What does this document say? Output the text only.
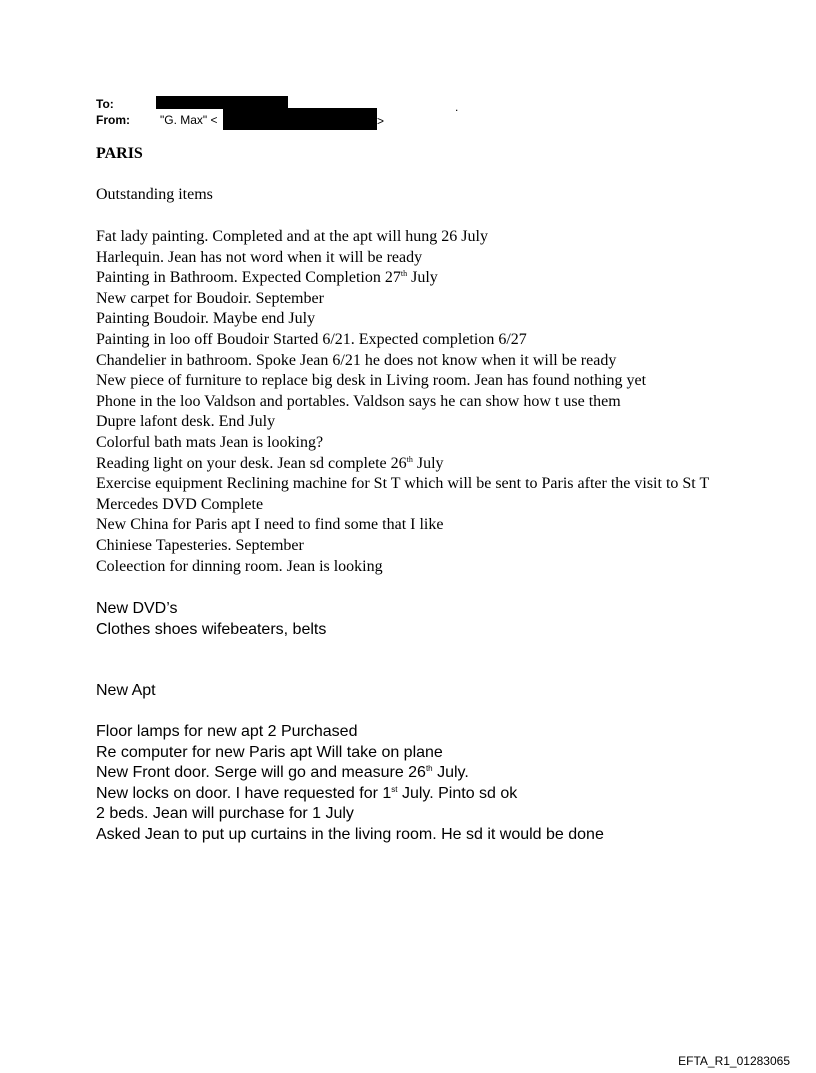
To:	.
From:	"G. Max" <	>
PARIS
Outstanding items
Fat lady painting. Completed and at the apt will hung 26 July
Harlequin. Jean has not word when it will be ready
Painting in Bathroom. Expected Completion 27th July
New carpet for Boudoir. September
Painting Boudoir. Maybe end July
Painting in loo off Boudoir Started 6/21. Expected completion 6/27
Chandelier in bathroom. Spoke Jean 6/21 he does not know when it will be ready
New piece of furniture to replace big desk in Living room. Jean has found nothing yet
Phone in the loo Valdson and portables. Valdson says he can show how t use them
Dupre lafont desk. End July
Colorful bath mats Jean is looking?
Reading light on your desk. Jean sd complete 26th July
Exercise equipment Reclining machine for St T which will be sent to Paris after the visit to St T
Mercedes DVD Complete
New China for Paris apt I need to find some that I like
Chiniese Tapesteries. September
Coleection for dinning room. Jean is looking
New DVD’s
Clothes shoes wifebeaters, belts
New Apt
Floor lamps for new apt 2 Purchased
Re computer for new Paris apt Will take on plane
New Front door. Serge will go and measure 26th July.
New locks on door. I have requested for 1st July. Pinto sd ok
2 beds. Jean will purchase for 1 July
Asked Jean to put up curtains in the living room. He sd it would be done
EFTA_R1_01283065
